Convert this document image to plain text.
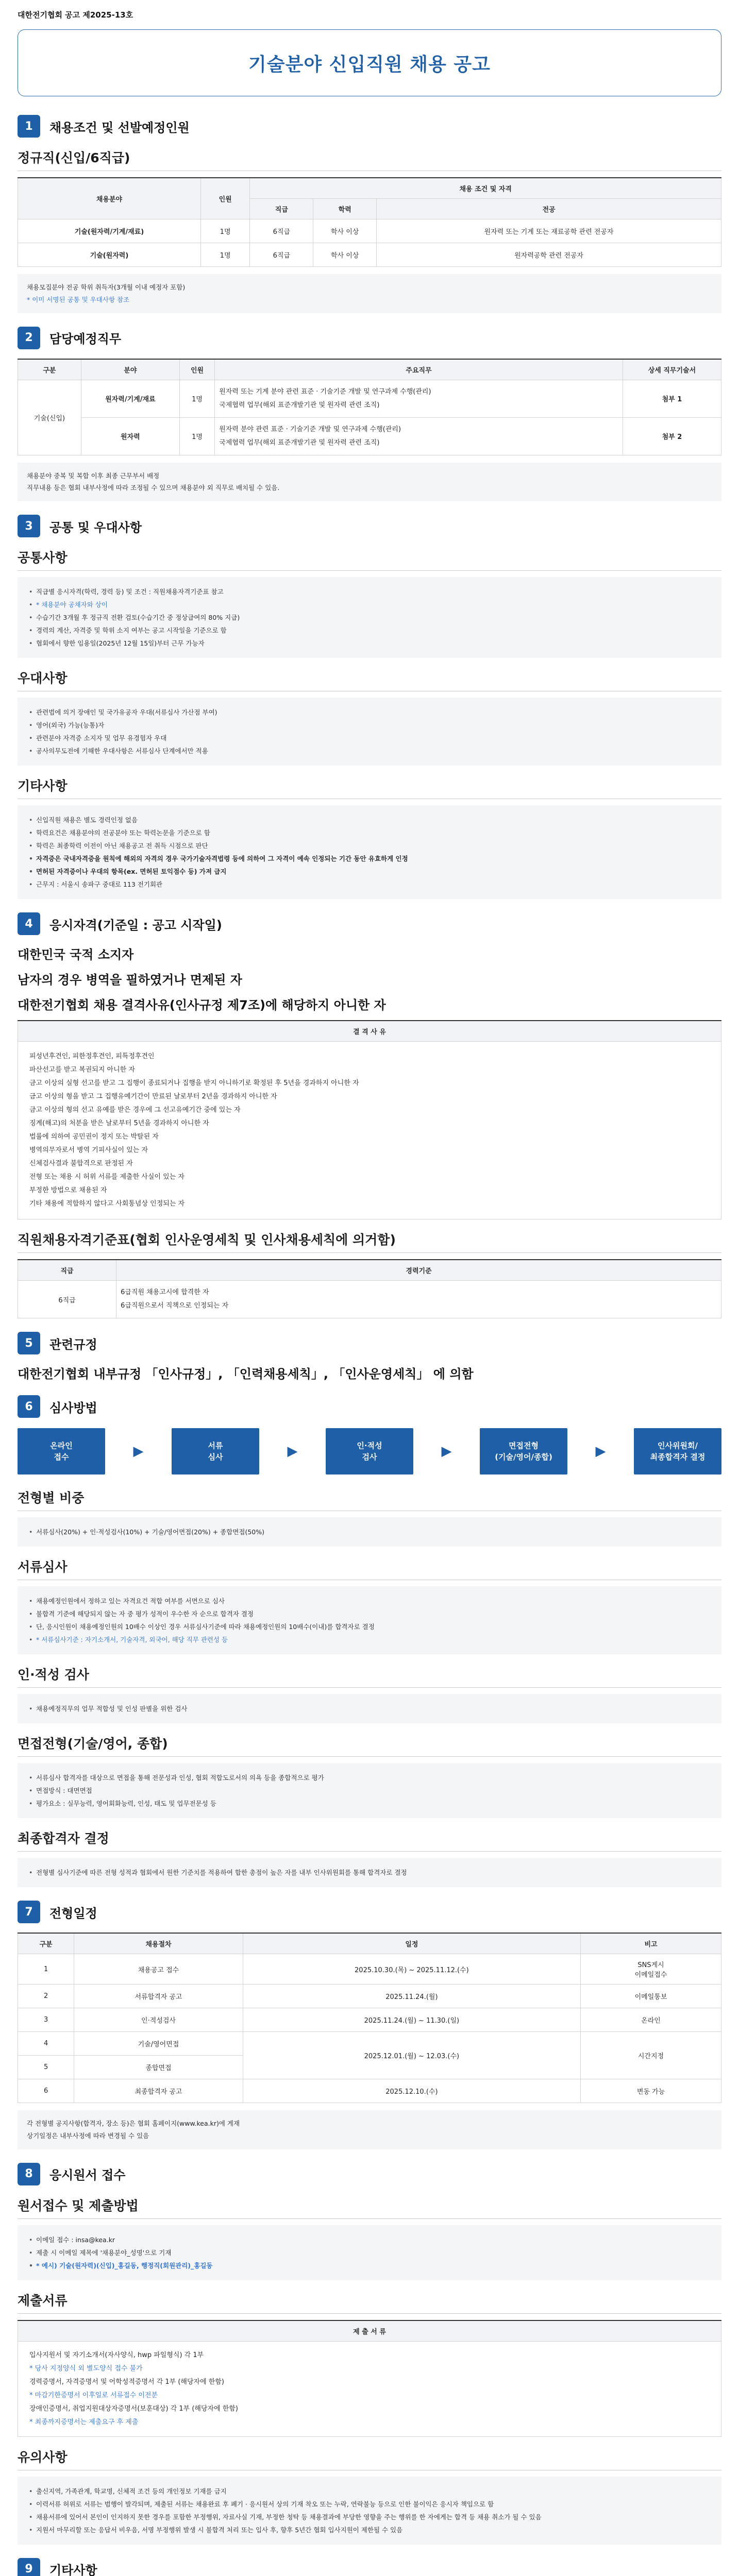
대한전기협회 공고 제2025-13호
기술분야 신입직원 채용 공고
1	채용조건 및 선발예정인원
정규직(신입/6직급)
채용분야	인원	채용 조건 및 자격		
		직급	학력	전공
기술(원자력/기계/재료)	1명	6직급	학사 이상	원자력 또는 기계 또는 재료공학 관련 전공자
기술(원자력)	1명	6직급	학사 이상	원자력공학 관련 전공자
채용모집분야 전공 학위 취득자(3개월 이내 예정자 포함)
* 이미 서명된 공통 및 우대사항 참조
2	담당예정직무
구분	분야	인원	주요직무	상세 직무기술서
기술(신입)	원자력/기계/재료	1명	원자력 또는 기계 분야 관련 표준 · 기술기준 개발 및 연구과제 수행(관리)
국제협력 업무(해외 표준개발기관 및 원자력 관련 조직)	첨부 1
	원자력	1명	원자력 분야 관련 표준 · 기술기준 개발 및 연구과제 수행(관리)
국제협력 업무(해외 표준개발기관 및 원자력 관련 조직)	첨부 2
채용분야 중복 및 복합 이후 최종 근무부서 배정
직무내용 등은 협회 내부사정에 따라 조정될 수 있으며 채용분야 외 직무로 배치될 수 있음.
3	공통 및 우대사항
공통사항
• 직급별 응시자격(학력, 경력 등) 및 조건 : 직원채용자격기준표 참고
• * 채용분야 공채자와 상이
• 수습기간 3개월 후 정규직 전환 검토(수습기간 중 정상급여의 80% 지급)
• 경력의 계산, 자격증 및 학위 소지 여부는 공고 시작일을 기준으로 함
• 협회에서 향한 임용일(2025년 12월 15일)부터 근무 가능자
우대사항
• 관련법에 의거 장애인 및 국가유공자 우대(서류심사 가산점 부여)
• 영어(외국) 가능(능통)자
• 관련분야 자격증 소지자 및 업무 유경험자 우대
• 공사의무도전에 기해한 우대사항은 서류심사 단계에서만 적용
기타사항
• 신입직원 채용은 별도 경력인정 없음
• 학력요건은 채용분야의 전공분야 또는 학력논문을 기준으로 함
• 학력은 최종학력 이전이 아닌 채용공고 전 취득 시점으로 판단
• 자격증은 국내자격증을 원칙에 해외의 자격의 경우 국가기술자격법령 등에 의하여 그 자격이 예속 인정되는 기간 동안 유효하게 인정
• 면허된 자격증이나 우대의 항목(ex. 면허된 토익점수 등) 가져 급지
• 근무지 : 서울시 송파구 중대로 113 전기회관
4	응시자격(기준일 : 공고 시작일)
대한민국 국적 소지자
남자의 경우 병역을 필하였거나 면제된 자
대한전기협회 채용 결격사유(인사규정 제7조)에 해당하지 아니한 자
결 격 사 유

피성년후견인, 피한정후견인, 피특정후견인
파산선고를 받고 복권되지 아니한 자
금고 이상의 실형 선고를 받고 그 집행이 종료되거나 집행을 받지 아니하기로 확정된 후 5년을 경과하지 아니한 자
금고 이상의 형을 받고 그 집행유예기간이 만료된 날로부터 2년을 경과하지 아니한 자
금고 이상의 형의 선고 유예를 받은 경우에 그 선고유예기간 중에 있는 자
징계(해고)의 처분을 받은 날로부터 5년을 경과하지 아니한 자
법률에 의하여 공민권이 정지 또는 박탈된 자
병역의무자로서 병역 기피사실이 있는 자
신체검사결과 불합격으로 판정된 자
전형 또는 채용 시 허위 서류를 제출한 사실이 있는 자
부정한 방법으로 채용된 자
기타 채용에 적합하지 않다고 사회통념상 인정되는 자
직원채용자격기준표(협회 인사운영세칙 및 인사채용세칙에 의거함)
직급	경력기준
6직급	6급직원 채용고시에 합격한 자
6급직원으로서 직책으로 인정되는 자
5	관련규정
대한전기협회 내부규정 「인사규정」, 「인력채용세칙」, 「인사운영세칙」 에 의함
6	심사방법
온라인
접수	▶	서류
심사	▶	인·적성
검사	▶	면접전형
(기술/영어/종합)	▶	인사위원회/
최종합격자 결정
전형별 비중
• 서류심사(20%) + 인·적성검사(10%) + 기술/영어면접(20%) + 종합면접(50%)
서류심사
• 채용예정인원에서 정하고 있는 자격요건 적합 여부를 서면으로 심사
• 불합격 기준에 해당되지 않는 자 중 평가 성적이 우수한 자 순으로 합격자 결정
• 단, 응시인원이 채용예정인원의 10배수 이상인 경우 서류심사기준에 따라 채용예정인원의 10배수(이내)를 합격자로 결정
• * 서류심사기준 : 자기소개서, 기술자격, 외국어, 해당 직무 관련성 등
인·적성 검사
• 채용예정직무의 업무 적합성 및 인성 판별을 위한 검사
면접전형(기술/영어, 종합)
• 서류심사 합격자를 대상으로 면접을 통해 전문성과 인성, 협회 적합도로서의 의욕 등을 종합적으로 평가
• 면접방식 : 대면면접
• 평가요소 : 실무능력, 영어회화능력, 인성, 태도 및 업무전문성 등
최종합격자 결정
• 전형별 심사기준에 따른 전형 성적과 협회에서 원한 기준치를 적용하여 합한 총점이 높은 자를 내부 인사위원회를 통해 합격자로 결정
7	전형일정
구분	채용절차	일정	비고
1	채용공고 접수	2025.10.30.(목) ~ 2025.11.12.(수)	SNS게시
이메일접수
2	서류합격자 공고	2025.11.24.(월)	이메일통보
3	인·적성검사	2025.11.24.(월) ~ 11.30.(일)	온라인
4	기술/영어면접	2025.12.01.(월) ~ 12.03.(수)	시간지정
5	종합면접		
6	최종합격자 공고	2025.12.10.(수)	변동 가능
각 전형별 공지사항(합격자, 장소 등)은 협회 홈페이지(www.kea.kr)에 게재
상기일정은 내부사정에 따라 변경될 수 있음
8	응시원서 접수
원서접수 및 제출방법
• 이메일 접수 : insa@kea.kr
• 제출 시 이메일 제목에 '채용분야_성명'으로 기재
• * 예시) 기술(원자력)(신입)_홍길동, 행정직(회원관리)_홍길동
제출서류
제 출 서 류

입사지원서 및 자기소개서(자사양식, hwp 파일형식) 각 1부
* 당사 지정양식 외 별도양식 접수 불가
경력증명서, 자격증명서 및 어학성적증명서 각 1부 (해당자에 한함)
* 마감기한증명서 이후일로 서류접수 이전분
장애인증명서, 취업지원대상자증명서(보훈대상) 각 1부 (해당자에 한함)
* 최종까지증명서는 제출요구 후 제출
유의사항
• 출신지역, 가족관계, 학교명, 신체적 조건 등의 개인정보 기재를 금지
• 이력서류 허위로 서류는 범행이 발각되며, 제출된 서류는 채용완료 후 폐기 · 응시원서 상의 기재 착오 또는 누락, 연락불능 등으로 인한 불이익은 응시자 책임으로 함
• 채용서류에 있어서 본인이 인지하지 못한 경우를 포함한 부정행위, 자료사실 기재, 부정한 청탁 등 채용결과에 부당한 영향을 주는 행위를 한 자에게는 합격 등 채용 취소가 될 수 있음
• 지원서 마무리할 또는 응답서 비우음, 서명 부정행위 발생 시 불합격 처리 또는 입사 후, 향후 5년간 협회 입사지원이 제한될 수 있음
9	기타사항
